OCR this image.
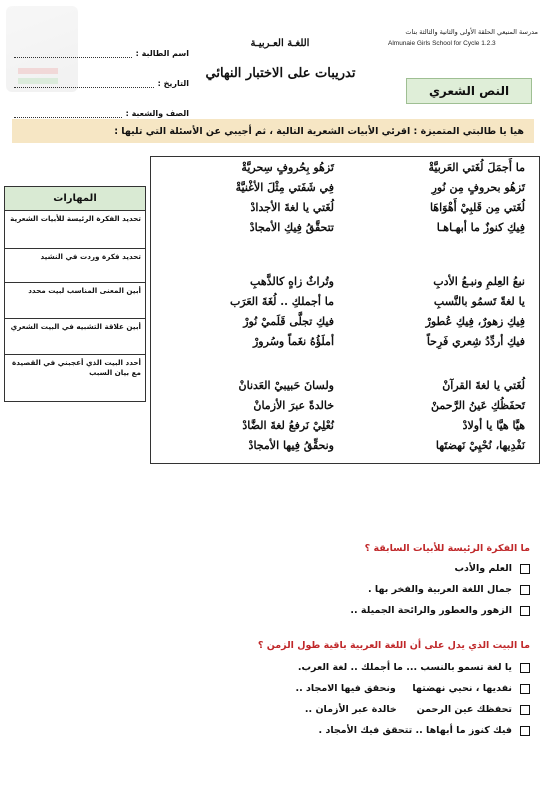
مدرسة المنيعي الحلقة الأولى والثانية والثالثة بنات
Almunaie Girls School for Cycle 1.2.3
اللغـة العـربيـة
تدريبات على الاختبار النهائي
اسم الطالبة :
التاريخ :
الصف والشعبة :
النص الشعري
هيا يا طالبتي المتميزة : اقرئي الأبيات الشعرية التالية ، ثم أجيبي عن الأسئلة التي تليها :
المهارات
تحديد الفكرة الرئيسة للأبيات الشعرية
تحديد فكرة وردت في النشيد
أبين المعنى المناسب لبيت محدد
أبين علاقة التشبيه في البيت الشعري
أحدد البيت الذي أعجبني في القصيدة مع بيان السبب
ما أَجمَلَ لُغَتي العَربيَّةْ
تَزهُو بِحُروفٍ سِحريَّةْ
تَزهُو بحروفٍ مِن نُورِ
فِي شَفَتي مِثْلَ الأغْنيَّةْ
لُغَتي مِن قَلبِيْ أَهْوَاهَا
لُغَتي يا لغةَ الأجدادْ
فِيكِ كنوزٌ ما أبهـاهـا
تتحقَّقُ فِيكِ الأمجادْ
نبعُ العِلمِ ونبـعُ الأدبِ
وتُراثٌ زاهٍ كالذَّهبِ
يا لغةً تَسمُو بالنَّسبِ
ما أجملكِ .. لُغَةَ العَرَب
فِيكِ زهورٌ، فِيكِ عُطورْ
فيكِ تجلَّى قَلَميْ نُورْ
فيكِ أردِّدُ شِعري فَرِحاً
أملَؤُهُ نغَماً وسُرورْ
لُغَتي يا لغةَ القرآنْ
ولسانَ حَبيبيْ العَدنانْ
تَحفَظُكِ عَينُ الرَّحمنْ
خالدةً عبرَ الأزمانْ
هيَّا هيَّا يا أولادْ
نُعْلِيْ نَرفعُ لغةَ الضَّادْ
نَفْدِيها، نُحْيِيْ نَهضتَها
ونحقِّقُ فِيها الأمجادْ
ما الفكرة الرئيسة للأبيات السابقة ؟
العلم والأدب
جمال اللغة العربية والفخر بها .
الزهور والعطور والرائحة الجميلة ..
ما البيت الذي يدل على أن اللغة العربية باقية طول الزمن ؟
يا لغة تسمو بالنسب ... ما أجملك .. لغة العرب.
نفديها ، نحيي نهضتها     ونحقق فيها الامجاد ..
تحفظك عين الرحمن      خالدة عبر الأزمان ..
فيك كنوز ما أبهاها .. تتحقق فيك الأمجاد .
